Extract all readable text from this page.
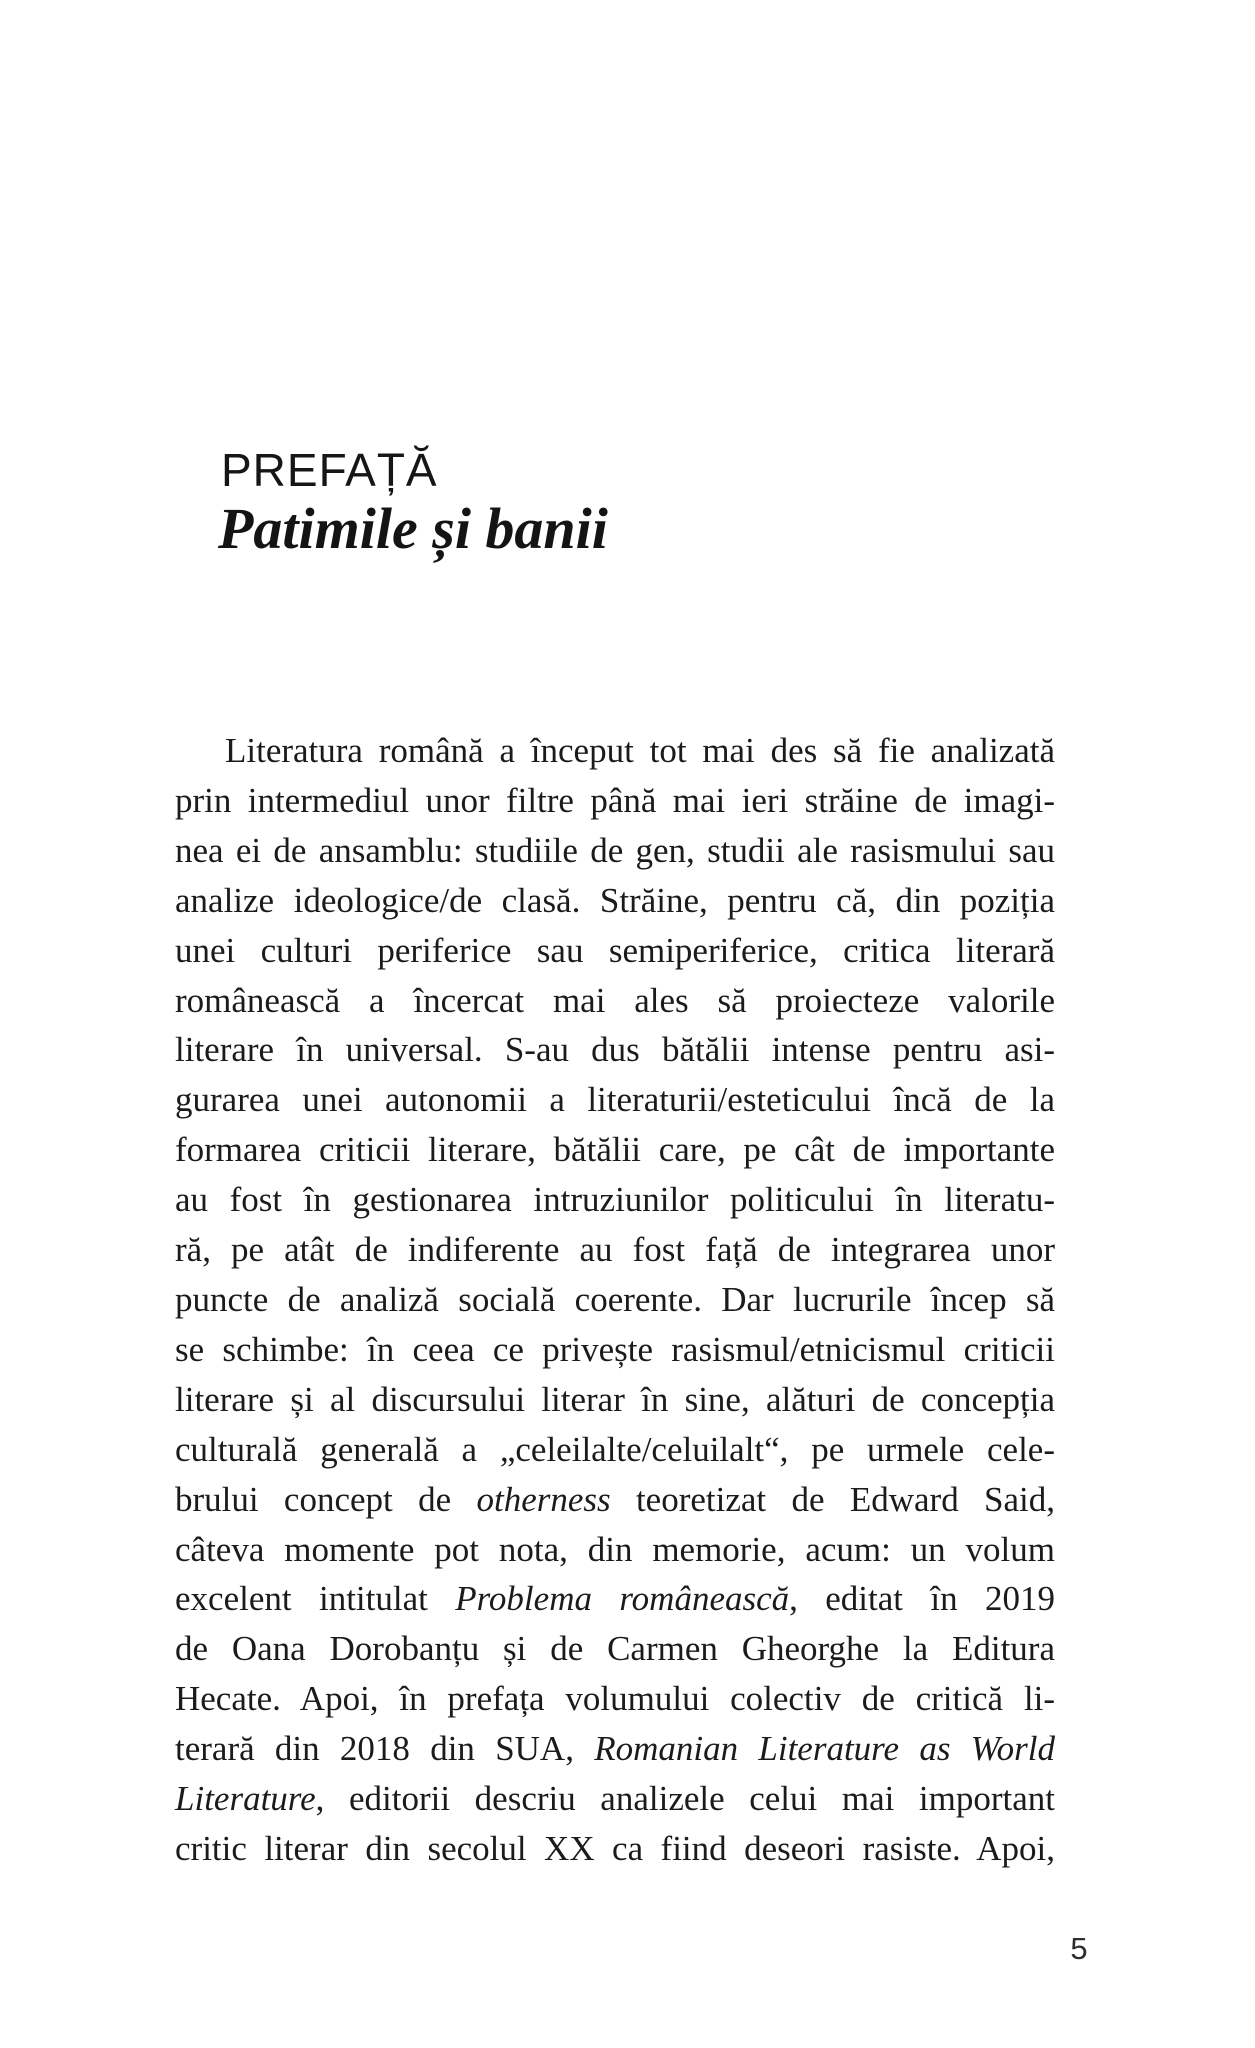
PREFAȚĂ
Patimile și banii
Literatura română a început tot mai des să fie analizată
prin intermediul unor filtre până mai ieri străine de imagi-
nea ei de ansamblu: studiile de gen, studii ale rasismului sau
analize ideologice/de clasă. Străine, pentru că, din poziția
unei culturi periferice sau semiperiferice, critica literară
românească a încercat mai ales să proiecteze valorile
literare în universal. S-au dus bătălii intense pentru asi-
gurarea unei autonomii a literaturii/esteticului încă de la
formarea criticii literare, bătălii care, pe cât de importante
au fost în gestionarea intruziunilor politicului în literatu-
ră, pe atât de indiferente au fost față de integrarea unor
puncte de analiză socială coerente. Dar lucrurile încep să
se schimbe: în ceea ce privește rasismul/etnicismul criticii
literare și al discursului literar în sine, alături de concepția
culturală generală a „celeilalte/celuilalt“, pe urmele cele-
brului concept de otherness teoretizat de Edward Said,
câteva momente pot nota, din memorie, acum: un volum
excelent intitulat Problema românească, editat în 2019
de Oana Dorobanțu și de Carmen Gheorghe la Editura
Hecate. Apoi, în prefața volumului colectiv de critică li-
terară din 2018 din SUA, Romanian Literature as World
Literature, editorii descriu analizele celui mai important
critic literar din secolul XX ca fiind deseori rasiste. Apoi,
5
